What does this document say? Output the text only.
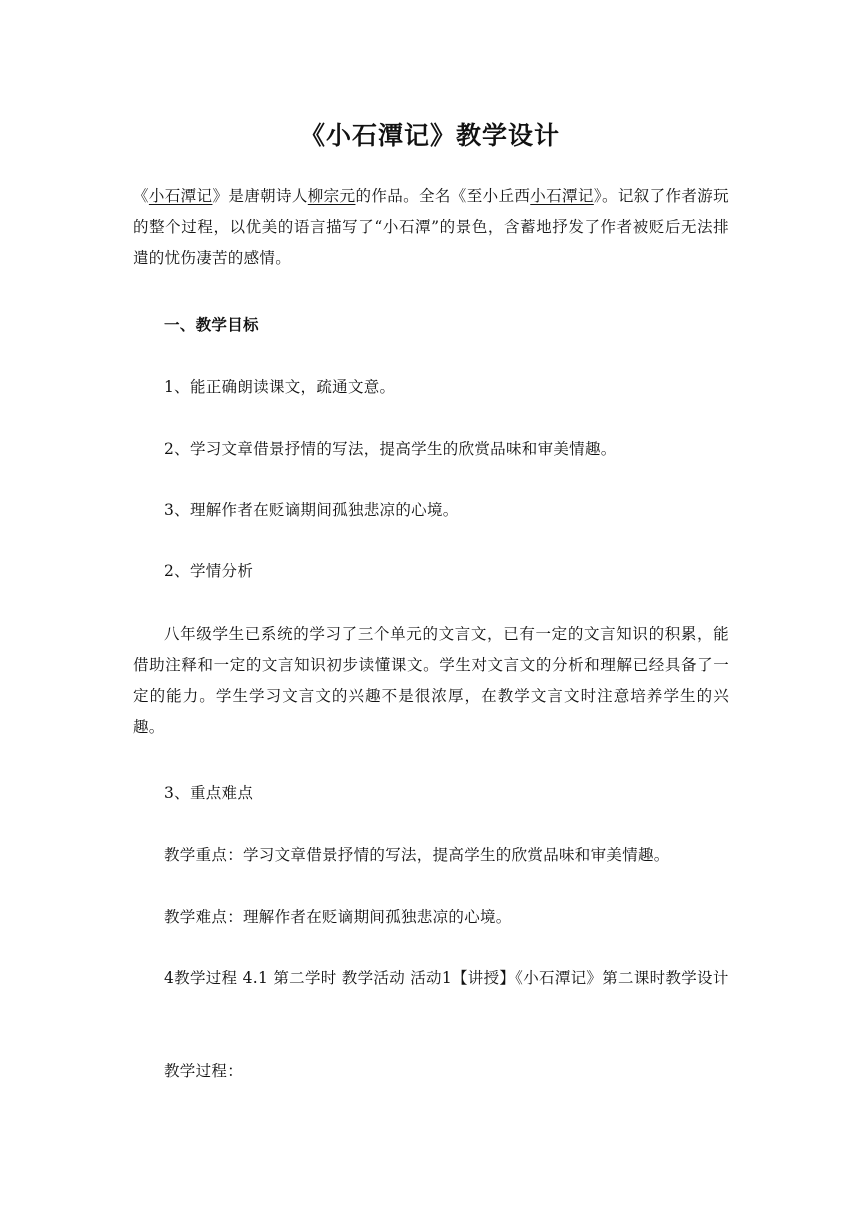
《小石潭记》教学设计
《小石潭记》是唐朝诗人柳宗元的作品。全名《至小丘西小石潭记》。记叙了作者游玩的整个过程，以优美的语言描写了“小石潭”的景色，含蓄地抒发了作者被贬后无法排遣的忧伤凄苦的感情。
一、教学目标
1、能正确朗读课文，疏通文意。
2、学习文章借景抒情的写法，提高学生的欣赏品味和审美情趣。
3、理解作者在贬谪期间孤独悲凉的心境。
2、学情分析
八年级学生已系统的学习了三个单元的文言文，已有一定的文言知识的积累，能借助注释和一定的文言知识初步读懂课文。学生对文言文的分析和理解已经具备了一定的能力。学生学习文言文的兴趣不是很浓厚，在教学文言文时注意培养学生的兴趣。
3、重点难点
教学重点：学习文章借景抒情的写法，提高学生的欣赏品味和审美情趣。
教学难点：理解作者在贬谪期间孤独悲凉的心境。
4教学过程 4.1 第二学时 教学活动 活动1【讲授】《小石潭记》第二课时教学设计
教学过程：
